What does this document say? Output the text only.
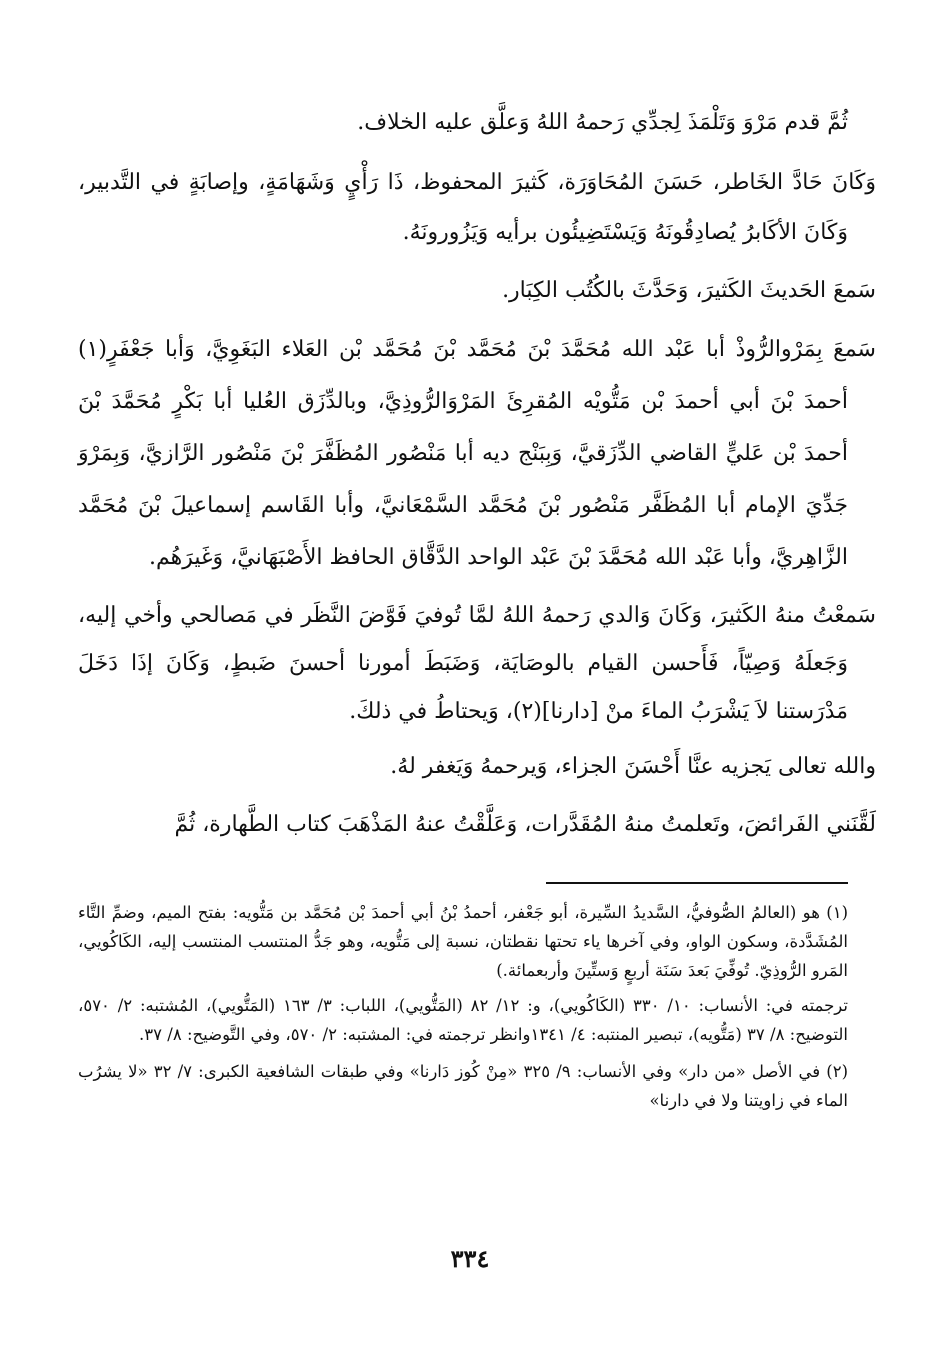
ثُمَّ قدم مَرْوَ وَتَلْمَذَ لِجدِّي رَحمهُ اللهُ وَعلَّق عليه الخلاف.

وَكَانَ حَادَّ الخَاطر، حَسَنَ المُحَاوَرَة، كَثيرَ المحفوظ، ذَا رَأْيٍ وَشَهَامَةٍ، وإصابَةٍ في التَّدبير، وَكَانَ الأكَابرُ يُصادِقُونَهُ وَيَسْتَضِيئُون برأيه وَيَزُورونَهُ.

سَمعَ الحَديثَ الكَثيرَ، وَحَدَّثَ بالكُتُب الكِبَار.

سَمعَ بِمَرْوالرُّوذْ أبا عَبْد الله مُحَمَّدَ بْنَ مُحَمَّد بْنَ مُحَمَّد بْن العَلاء البَغَوِيَّ، وَأبا جَعْفَرٍ(١) أحمدَ بْنَ أبي أحمدَ بْن مَتُّويْه المُقرِئَ المَرْوَالرُّوذِيَّ، وبالدِّزَق العُليا أبا بَكْرٍ مُحَمَّدَ بْنَ أحمدَ بْن عَليٍّ القاضي الدِّزَقيَّ، وَبِبَنْج ديه أبا مَنْصُور المُظَفَّرَ بْنَ مَنْصُور الرَّازيَّ، وَبِمَرْوَ جَدِّيَ الإمام أبا المُظَفَّر مَنْصُور بْنَ مُحَمَّد السَّمْعَانيَّ، وأبا القَاسم إسماعيلَ بْنَ مُحَمَّد الزَّاهِريَّ، وأبا عَبْد الله مُحَمَّدَ بْنَ عَبْد الواحد الدَّقَّاق الحافظ الأَصْبَهَانيَّ، وَغَيرَهُم.

سَمعْتُ منهُ الكَثيرَ، وَكَانَ وَالدي رَحمهُ اللهُ لمَّا تُوفيَ فَوَّضَ النَّظَر في مَصالحي وأخي إليه، وَجَعلَهُ وَصِيّاً، فَأَحسن القيام بالوصَايَة، وَضَبَطَ أمورنا أحسنَ ضَبطٍ، وَكَانَ إذَا دَخَلَ مَدْرَستنا لاَ يَشْرَبُ الماءَ منْ [دارنا](٢)، وَيحتاطُ في ذلكَ.

والله تعالى يَجزيه عنَّا أَحْسَنَ الجزاء، وَيرحمهُ وَيَغفر لهُ.

لَقَّنَني الفَرائضَ، وتَعلمتُ منهُ المُقَدَّرات، وَعَلَّقْتُ عنهُ المَذْهَبَ كتاب الطَّهارة، ثُمَّ

(١) هو (العالمُ الصُّوفيُّ، السَّديدُ السِّيرة، أبو جَعْفر، أحمدُ بْنُ أبي أحمدَ بْن مُحَمَّد بن مَتُّويه: بفتح الميم، وضمِّ التَّاء المُشَدَّدة، وسكون الواو، وفي آخرها ياء تحتها نقطتان، نسبة إلى مَتُّويه، وهو جَدُّ المنتسب المنتسب إليه، الكَاكُويي، المَرو الرُّوذِيّ. تُوفِّيَ بَعدَ سَنَة أربعٍ وَستِّينَ وأربعمائة.)

ترجمته في: الأنساب: ١٠/ ٣٣٠ (الكَاكُويي)، و: ١٢/ ٨٢ (المَتُّويي)، اللباب: ٣/ ١٦٣ (المَتُّويي)، المُشتبه: ٢/ ٥٧٠، التوضيح: ٨/ ٣٧ (مَتُّويه)، تبصير المنتبه: ٤/ ١٣٤١وانظر ترجمته في: المشتبه: ٢/ ٥٧٠، وفي التَّوضيح: ٨/ ٣٧.

(٢) في الأصل «من دار» وفي الأنساب: ٩/ ٣٢٥ «مِنْ كُوز دَارنا» وفي طبقات الشافعية الكبرى: ٧/ ٣٢ «لا يشرُب الماء في زاويتنا ولا في دارنا»

٣٣٤
